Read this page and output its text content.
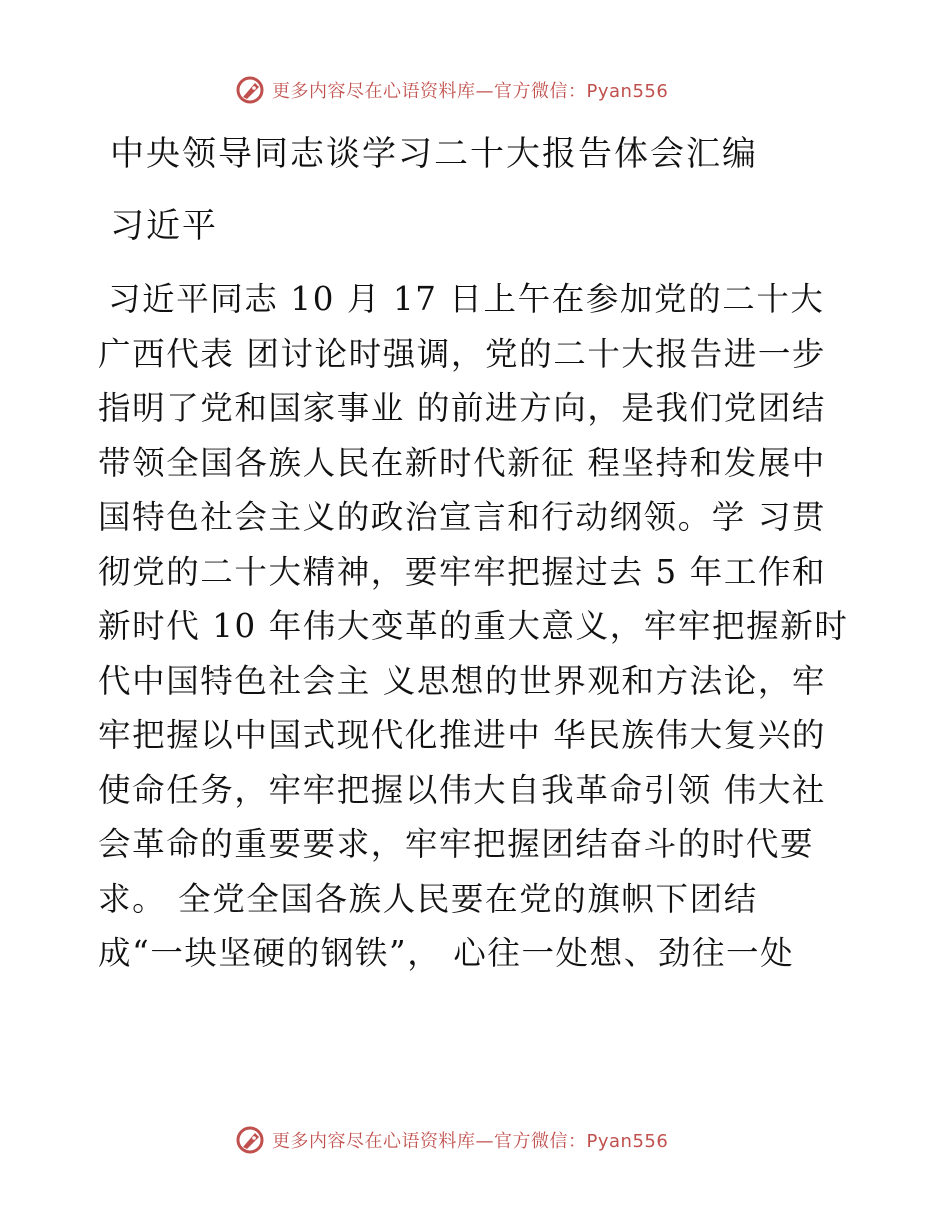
更多内容尽在心语资料库—官方微信：Pyan556
中央领导同志谈学习二十大报告体会汇编
习近平
习近平同志 10 月 17 日上午在参加党的二十大
广西代表 团讨论时强调，党的二十大报告进一步
指明了党和国家事业 的前进方向，是我们党团结
带领全国各族人民在新时代新征 程坚持和发展中
国特色社会主义的政治宣言和行动纲领。学 习贯
彻党的二十大精神，要牢牢把握过去 5 年工作和
新时代 10 年伟大变革的重大意义，牢牢把握新时
代中国特色社会主 义思想的世界观和方法论，牢
牢把握以中国式现代化推进中 华民族伟大复兴的
使命任务，牢牢把握以伟大自我革命引领 伟大社
会革命的重要要求，牢牢把握团结奋斗的时代要
求。 全党全国各族人民要在党的旗帜下团结
成“一块坚硬的钢铁”， 心往一处想、劲往一处
更多内容尽在心语资料库—官方微信：Pyan556
